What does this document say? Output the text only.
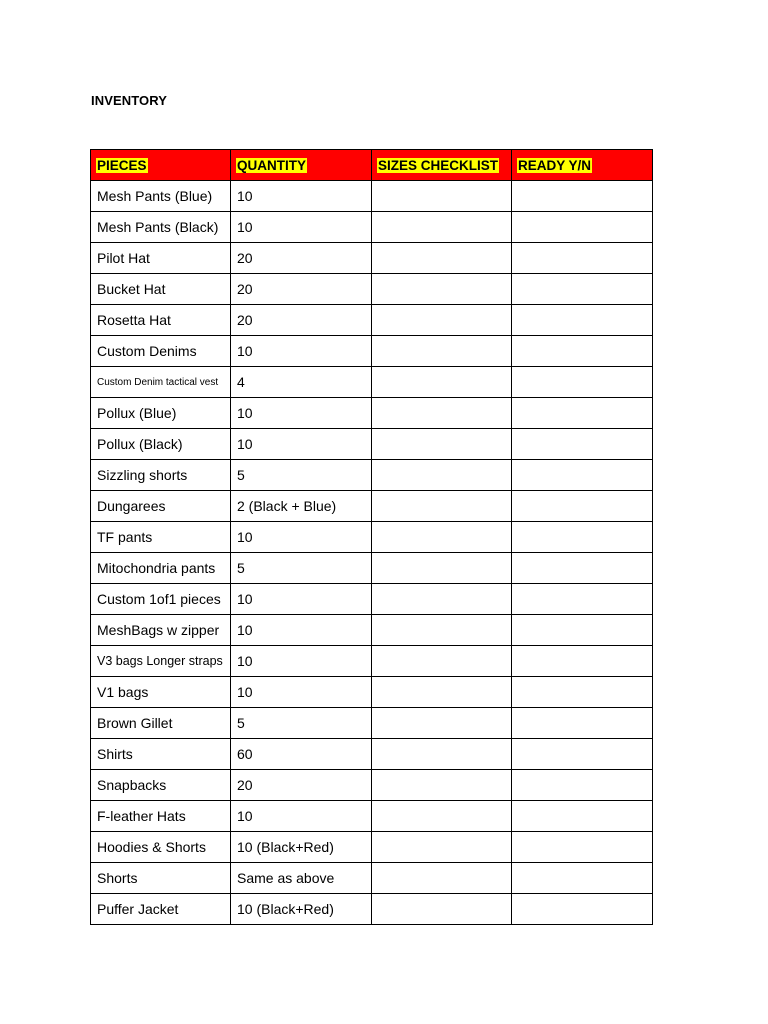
INVENTORY
PIECES	QUANTITY	SIZES CHECKLIST	READY Y/N
Mesh Pants (Blue)	10		
Mesh Pants (Black)	10		
Pilot Hat	20		
Bucket Hat	20		
Rosetta Hat	20		
Custom Denims	10		
Custom Denim tactical vest	4		
Pollux (Blue)	10		
Pollux (Black)	10		
Sizzling shorts	5		
Dungarees	2 (Black + Blue)		
TF pants	10		
Mitochondria pants	5		
Custom 1of1 pieces	10		
MeshBags w zipper	10		
V3 bags Longer straps	10		
V1 bags	10		
Brown Gillet	5		
Shirts	60		
Snapbacks	20		
F-leather Hats	10		
Hoodies & Shorts	10 (Black+Red)		
Shorts	Same as above		
Puffer Jacket	10 (Black+Red)		
